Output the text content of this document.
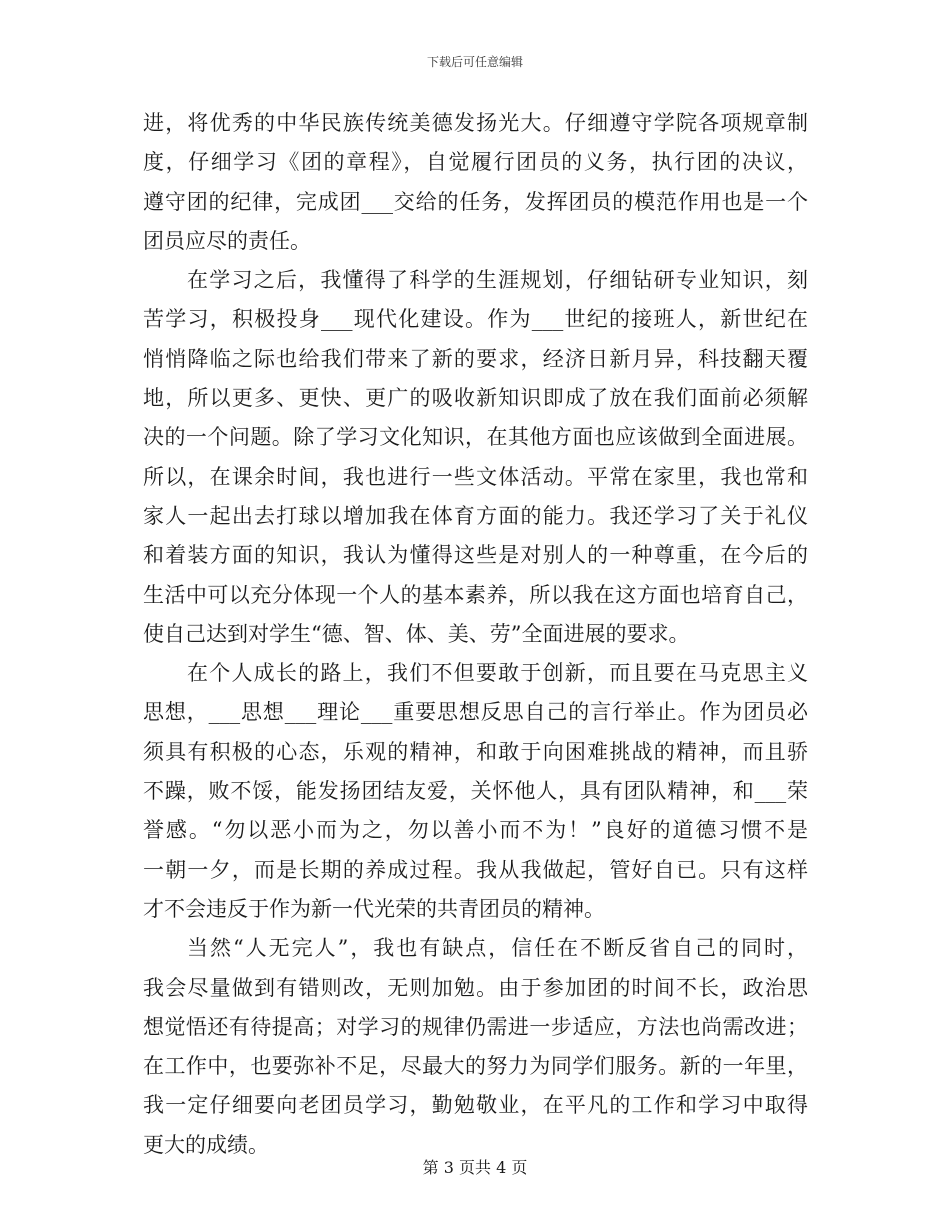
下载后可任意编辑
进，将优秀的中华民族传统美德发扬光大。仔细遵守学院各项规章制
度，仔细学习《团的章程》，自觉履行团员的义务，执行团的决议，
遵守团的纪律，完成团___交给的任务，发挥团员的模范作用也是一个
团员应尽的责任。
在学习之后，我懂得了科学的生涯规划，仔细钻研专业知识，刻
苦学习，积极投身___现代化建设。作为___世纪的接班人，新世纪在
悄悄降临之际也给我们带来了新的要求，经济日新月异，科技翻天覆
地，所以更多、更快、更广的吸收新知识即成了放在我们面前必须解
决的一个问题。除了学习文化知识，在其他方面也应该做到全面进展。
所以，在课余时间，我也进行一些文体活动。平常在家里，我也常和
家人一起出去打球以增加我在体育方面的能力。我还学习了关于礼仪
和着装方面的知识，我认为懂得这些是对别人的一种尊重，在今后的
生活中可以充分体现一个人的基本素养，所以我在这方面也培育自己，
使自己达到对学生“德、智、体、美、劳”全面进展的要求。
在个人成长的路上，我们不但要敢于创新，而且要在马克思主义
思想，___思想___理论___重要思想反思自己的言行举止。作为团员必
须具有积极的心态，乐观的精神，和敢于向困难挑战的精神，而且骄
不躁，败不馁，能发扬团结友爱，关怀他人，具有团队精神，和___荣
誉感。“勿以恶小而为之，勿以善小而不为！”良好的道德习惯不是
一朝一夕，而是长期的养成过程。我从我做起，管好自已。只有这样
才不会违反于作为新一代光荣的共青团员的精神。
当然“人无完人”，我也有缺点，信任在不断反省自己的同时，
我会尽量做到有错则改，无则加勉。由于参加团的时间不长，政治思
想觉悟还有待提高；对学习的规律仍需进一步适应，方法也尚需改进；
在工作中，也要弥补不足，尽最大的努力为同学们服务。新的一年里，
我一定仔细要向老团员学习，勤勉敬业，在平凡的工作和学习中取得
更大的成绩。
第 3 页共 4 页
